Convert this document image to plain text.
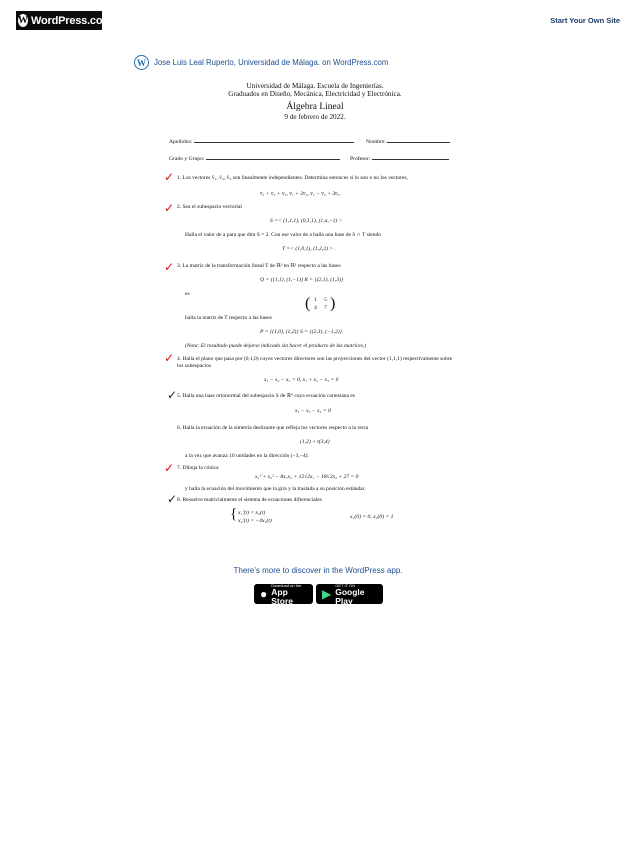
W WordPress.com	Start Your Own Site
W	Jose Luis Leal Ruperto, Universidad de Málaga. on WordPress.com
Universidad de Málaga. Escuela de Ingenierías.
Graduados en Diseño, Mecánica, Electricidad y Electrónica.
Álgebra Lineal
9 de febrero de 2022.
Apellidos:	Nombre:
Grado y Grupo:	Profesor:
✓ 1. Los vectores v̄₁, v̄₂, v̄₃ son linealmente independientes. Determina entonces si lo son o no los vectores,
v̄₁ + v̄₂ + v̄₃, v̄₁ + 2v̄₃, v̄₁ − v̄₂ + 3v̄₃.
✓ 2. Sea el subespacio vectorial
S =< (1,1,1), (0,1,1), (1,a,−1) >
Halla el valor de a para que dim S = 2. Con ese valor de a halla una base de S ∩ T siendo
T =< (1,0,1), (1,2,2) > .
✓ 3. La matriz de la transformación lineal T de ℝ² en ℝ² respecto a las bases
Q = {(1,1), (1,−1)} R = {(2,1), (1,3)}
es
( 1 5
4 7 )
halla la matriz de T respecto a las bases
P = {(1,0), (1,2)} S = {(2,3), (−1,2)}.
(Nota: El resultado puede dejarse indicado sin hacer el producto de las matrices.)
✓ 4. Halla el plano que pasa por (0,1,0) cuyos vectores directores son las proyecciones del vector (1,1,1) respectivamente sobre los subespacios
x₁ − x₂ − x₃ = 0, x₁ + x₂ − x₃ = 0
✓ 5. Halla una base ortonormal del subespacio S de ℝ⁴ cuya ecuación cartesiana es
x₁ − x₃ − x₄ = 0
6. Halla la ecuación de la simetría deslizante que refleja los vectores respecto a la recta
(1,2) + t(3,4)
a la vez que avanza 10 unidades en la dirección (−3,−4).
✓ 7. Dibuja la cónica
x₁² + x₂² − 8x₁x₂ + 12√2x₁ − 18√2x₂ + 27 = 0
y halla la ecuación del movimiento que la gira y la traslada a su posición estándar.
✓ 8. Resuelve matricialmente el sistema de ecuaciones diferenciales
{ x₁′(t) = x₂(t)
x₂′(t) = −4x₁(t)
x₁(0) = 0, x₂(0) = 1
There's more to discover in the WordPress app.
●
Download on the
App Store	▶
GET IT ON
Google Play
